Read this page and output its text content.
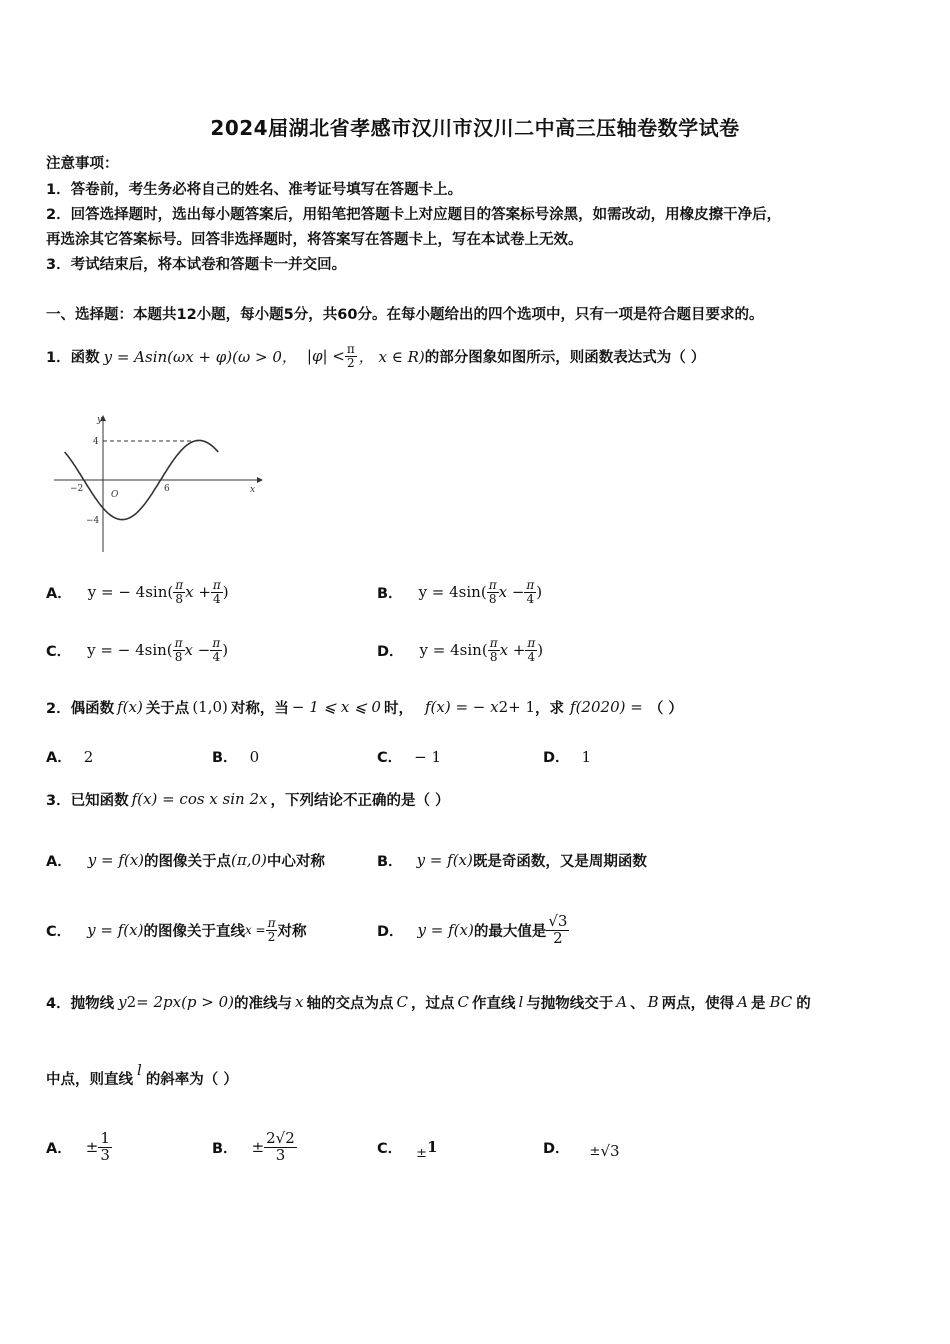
2024届湖北省孝感市汉川市汉川二中高三压轴卷数学试卷
注意事项：
1．答卷前，考生务必将自己的姓名、准考证号填写在答题卡上。
2．回答选择题时，选出每小题答案后，用铅笔把答题卡上对应题目的答案标号涂黑，如需改动，用橡皮擦干净后，
再选涂其它答案标号。回答非选择题时，将答案写在答题卡上，写在本试卷上无效。
3．考试结束后，将本试卷和答题卡一并交回。
一、选择题：本题共12小题，每小题5分，共60分。在每小题给出的四个选项中，只有一项是符合题目要求的。
1．函数 y = Asin(ωx + φ)(ω > 0， $|\varphi| < \frac{\pi}{2}$ ， x ∈ R) 的部分图象如图所示，则函数表达式为（ ）
y
x
O
4
−4
−2	6
A． y = − $4\sin( \frac{\pi}{8}$ $x + \frac{\pi}{4}$ )	B． $y = 4\sin( \frac{\pi}{8}$ $x - \frac{\pi}{4}$ )
C． y = − $4\sin( \frac{\pi}{8}$ $x - \frac{\pi}{4}$ )	D． $y = 4\sin( \frac{\pi}{8}$ $x + \frac{\pi}{4}$ )
2．偶函数 f(x) 关于点 (1,0) 对称，当 − 1 ⩽ x ⩽ 0 时， f(x) = − x 2 + 1 ，求 f(2020) = （ ）
A． 2	B． 0	C． − 1	D． 1
3．已知函数 f(x) = cos x sin 2x ，下列结论不正确的是（ ）
A． y = f(x) 的图像关于点 (π,0) 中心对称	B． y = f(x) 既是奇函数，又是周期函数
C． y = f(x) 的图像关于直线 $x = \frac{\pi}{2}$ 对称	D． y = f(x) 的最大值是 $\frac{√3}{2}$
4．抛物线 y 2 = 2px(p > 0) 的准线与 x 轴的交点为点 C ，过点 C 作直线 l 与抛物线交于 A 、 B 两点，使得 A 是 BC 的
中点，则直线
l
的斜率为（ ）
A． ± $\frac{1}{3}$	B． ± $\frac{2√2}{3}$	C． ± 1	D． ± √3
